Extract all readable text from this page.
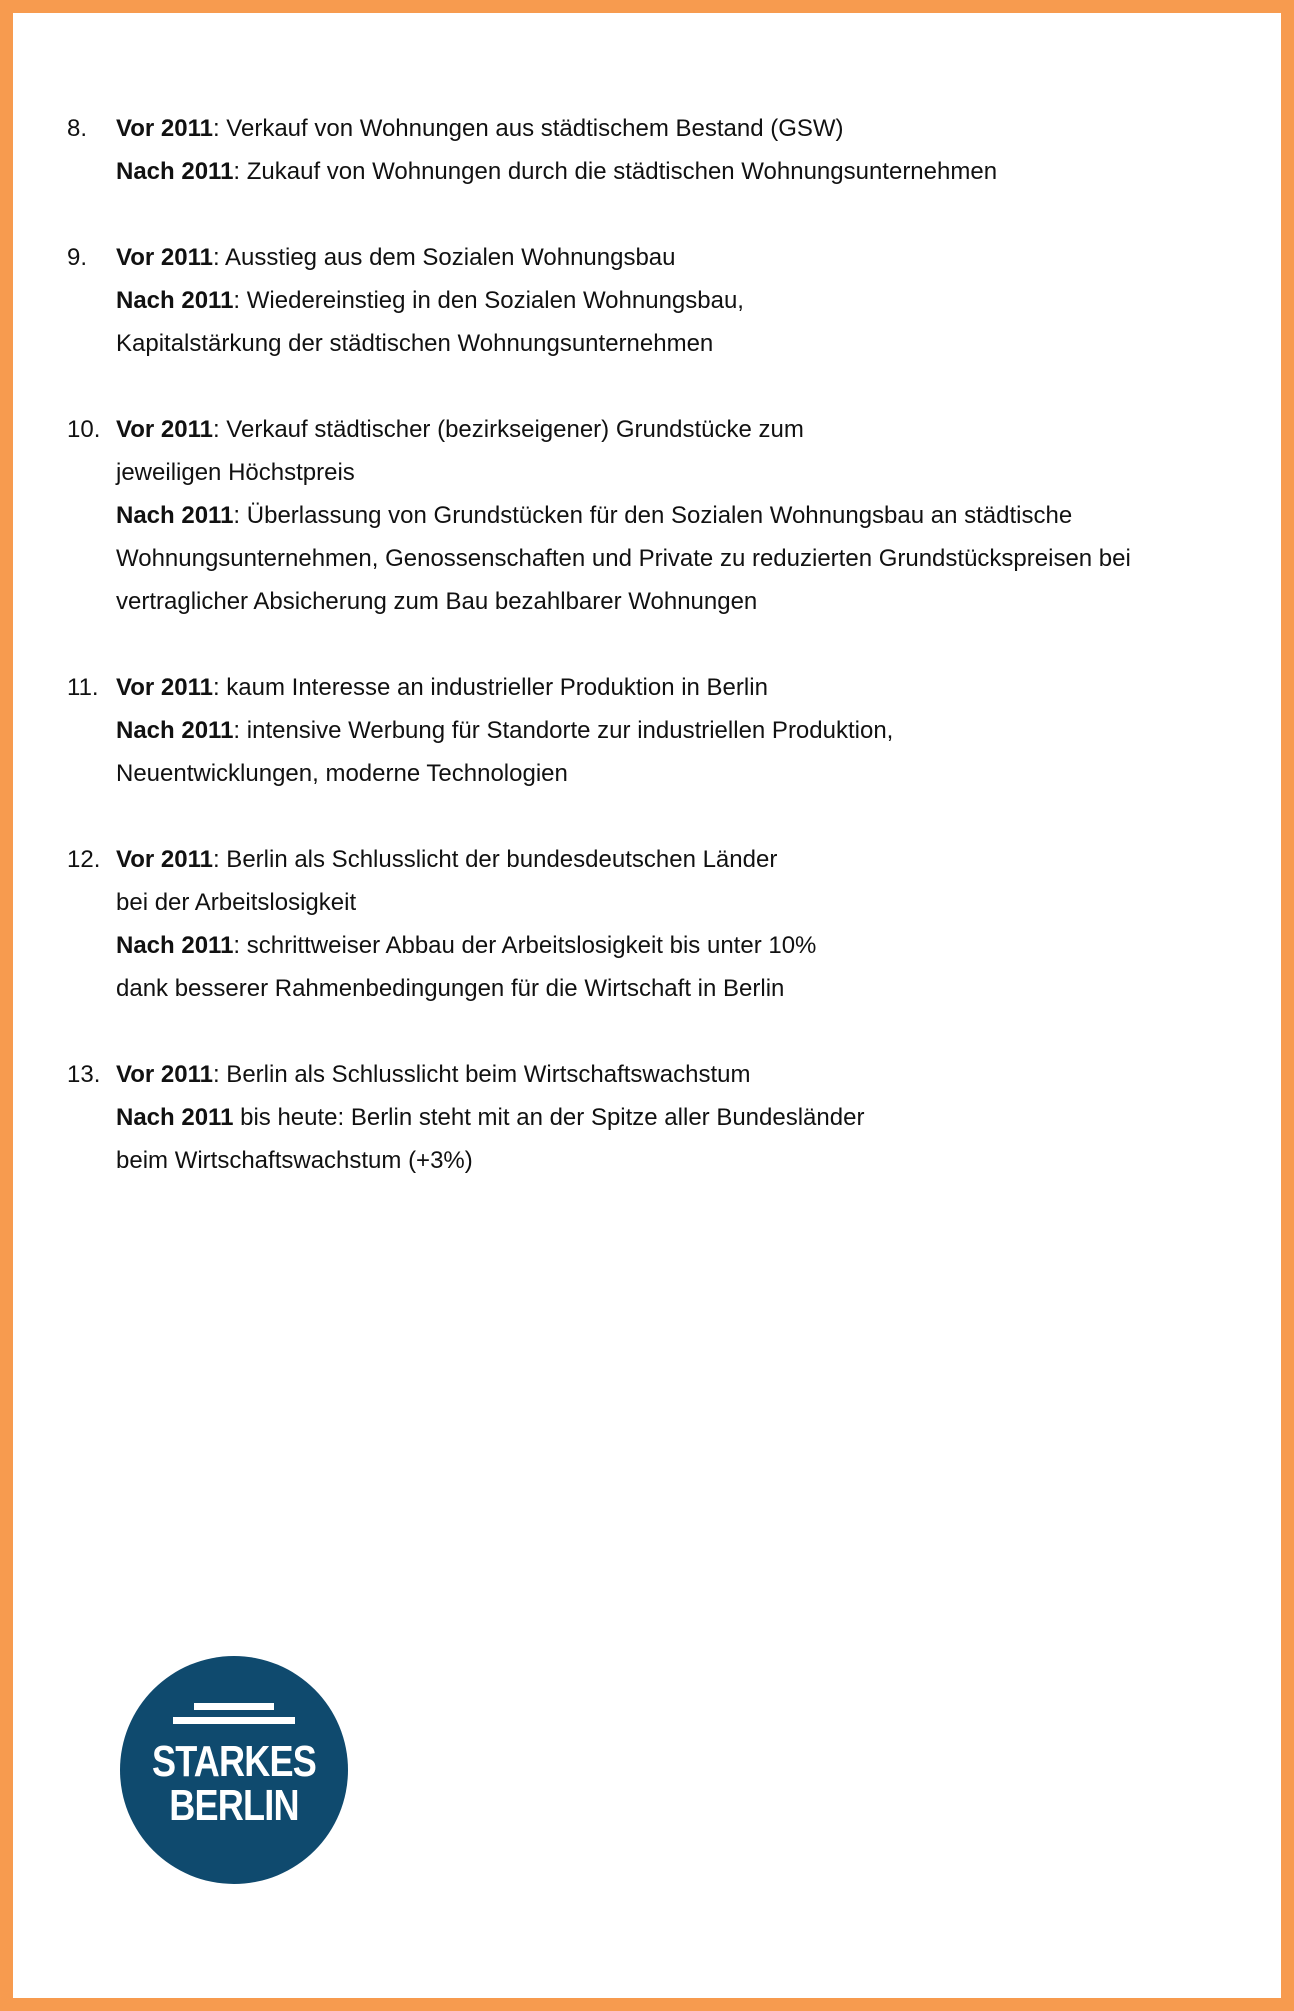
8. Vor 2011: Verkauf von Wohnungen aus städtischem Bestand (GSW)
Nach 2011: Zukauf von Wohnungen durch die städtischen Wohnungsunternehmen
9. Vor 2011: Ausstieg aus dem Sozialen Wohnungsbau
Nach 2011: Wiedereinstieg in den Sozialen Wohnungsbau,
Kapitalstärkung der städtischen Wohnungsunternehmen
10. Vor 2011: Verkauf städtischer (bezirkseigener) Grundstücke zum
jeweiligen Höchstpreis
Nach 2011: Überlassung von Grundstücken für den Sozialen Wohnungsbau an städtische
Wohnungsunternehmen, Genossenschaften und Private zu reduzierten Grundstückspreisen bei
vertraglicher Absicherung zum Bau bezahlbarer Wohnungen
11. Vor 2011: kaum Interesse an industrieller Produktion in Berlin
Nach 2011: intensive Werbung für Standorte zur industriellen Produktion,
Neuentwicklungen, moderne Technologien
12. Vor 2011: Berlin als Schlusslicht der bundesdeutschen Länder
bei der Arbeitslosigkeit
Nach 2011: schrittweiser Abbau der Arbeitslosigkeit bis unter 10%
dank besserer Rahmenbedingungen für die Wirtschaft in Berlin
13. Vor 2011: Berlin als Schlusslicht beim Wirtschaftswachstum
Nach 2011 bis heute: Berlin steht mit an der Spitze aller Bundesländer
beim Wirtschaftswachstum (+3%)
STARKES
BERLIN
